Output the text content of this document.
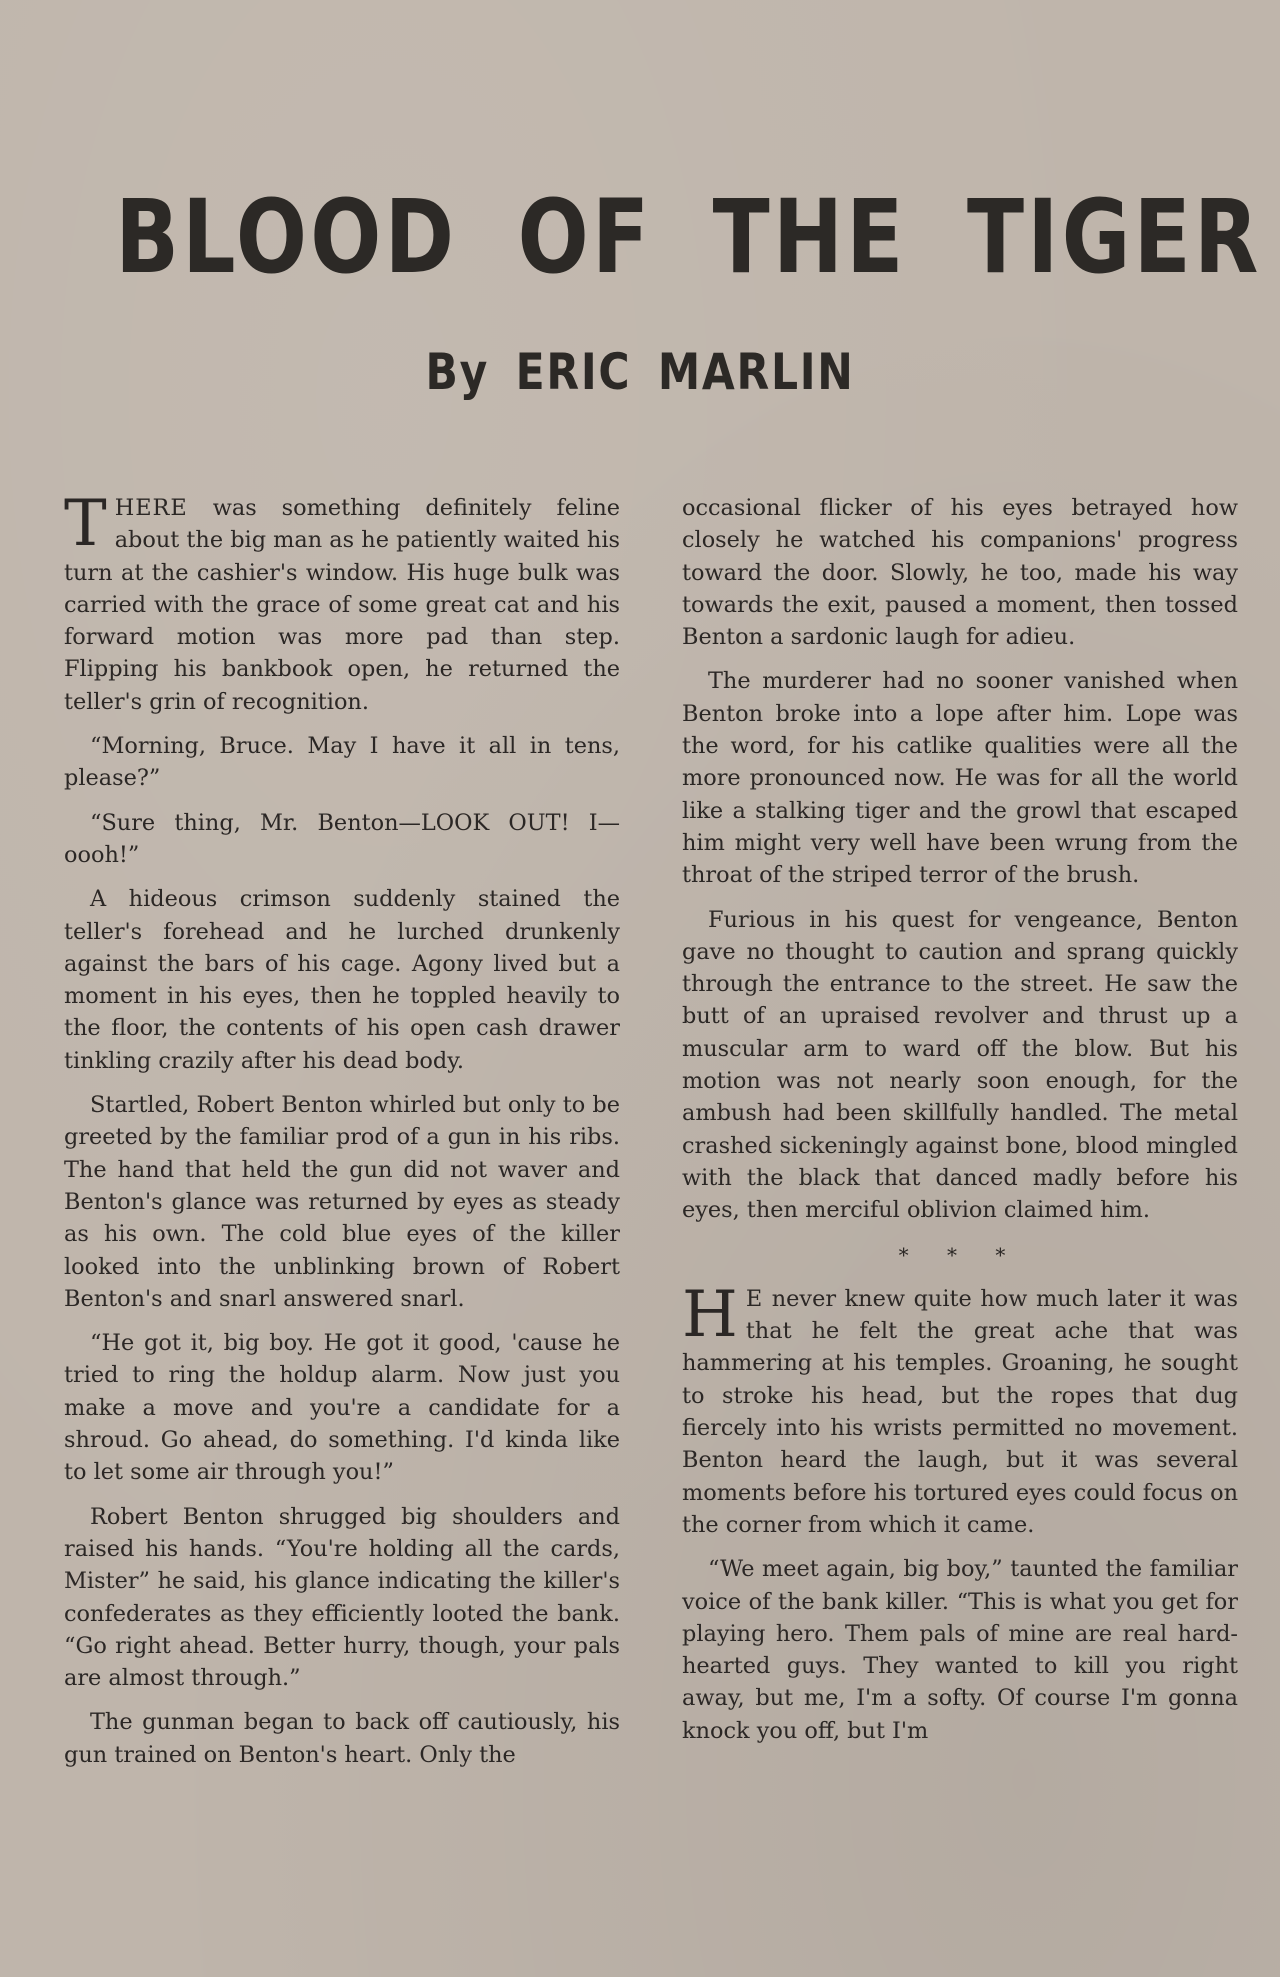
BLOOD OF THE TIGER
By ERIC MARLIN

THERE was something definitely feline about the big man as he patiently waited his turn at the cashier's window. His huge bulk was carried with the grace of some great cat and his forward motion was more pad than step. Flipping his bankbook open, he returned the teller's grin of recognition.

“Morning, Bruce. May I have it all in tens, please?”

“Sure thing, Mr. Benton—LOOK OUT! I—oooh!”

A hideous crimson suddenly stained the teller's forehead and he lurched drunkenly against the bars of his cage. Agony lived but a moment in his eyes, then he toppled heavily to the floor, the contents of his open cash drawer tinkling crazily after his dead body.

Startled, Robert Benton whirled but only to be greeted by the familiar prod of a gun in his ribs. The hand that held the gun did not waver and Benton's glance was returned by eyes as steady as his own. The cold blue eyes of the killer looked into the unblinking brown of Robert Benton's and snarl answered snarl.

“He got it, big boy. He got it good, 'cause he tried to ring the holdup alarm. Now just you make a move and you're a candidate for a shroud. Go ahead, do something. I'd kinda like to let some air through you!”

Robert Benton shrugged big shoulders and raised his hands. “You're holding all the cards, Mister” he said, his glance indicating the killer's confederates as they efficiently looted the bank. “Go right ahead. Better hurry, though, your pals are almost through.”

The gunman began to back off cautiously, his gun trained on Benton's heart. Only the

occasional flicker of his eyes betrayed how closely he watched his companions' progress toward the door. Slowly, he too, made his way towards the exit, paused a moment, then tossed Benton a sardonic laugh for adieu.

The murderer had no sooner vanished when Benton broke into a lope after him. Lope was the word, for his catlike qualities were all the more pronounced now. He was for all the world like a stalking tiger and the growl that escaped him might very well have been wrung from the throat of the striped terror of the brush.

Furious in his quest for vengeance, Benton gave no thought to caution and sprang quickly through the entrance to the street. He saw the butt of an upraised revolver and thrust up a muscular arm to ward off the blow. But his motion was not nearly soon enough, for the ambush had been skillfully handled. The metal crashed sickeningly against bone, blood mingled with the black that danced madly before his eyes, then merciful oblivion claimed him.

* * *

H E never knew quite how much later it was that he felt the great ache that was hammering at his temples. Groaning, he sought to stroke his head, but the ropes that dug fiercely into his wrists permitted no movement. Benton heard the laugh, but it was several moments before his tortured eyes could focus on the corner from which it came.

“We meet again, big boy,” taunted the familiar voice of the bank killer. “This is what you get for playing hero. Them pals of mine are real hard-hearted guys. They wanted to kill you right away, but me, I'm a softy. Of course I'm gonna knock you off, but I'm
